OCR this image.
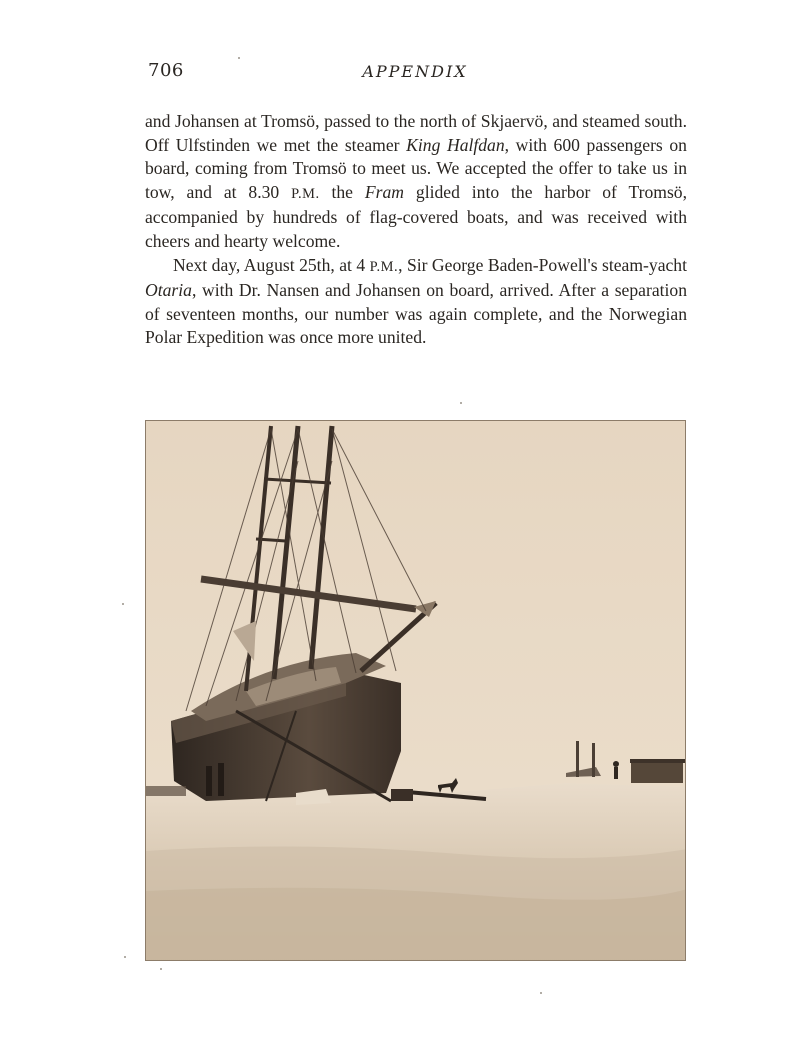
706	APPENDIX

and Johansen at Tromsö, passed to the north of Skjaervö, and steamed south. Off Ulfstinden we met the steamer King Halfdan, with 600 passengers on board, coming from Tromsö to meet us. We accepted the offer to take us in tow, and at 8.30 P.M. the Fram glided into the harbor of Tromsö, accompanied by hundreds of flag-covered boats, and was received with cheers and hearty welcome.

Next day, August 25th, at 4 P.M., Sir George Baden-Powell's steam-yacht Otaria, with Dr. Nansen and Johansen on board, arrived. After a separation of seventeen months, our number was again complete, and the Norwegian Polar Expedition was once more united.
